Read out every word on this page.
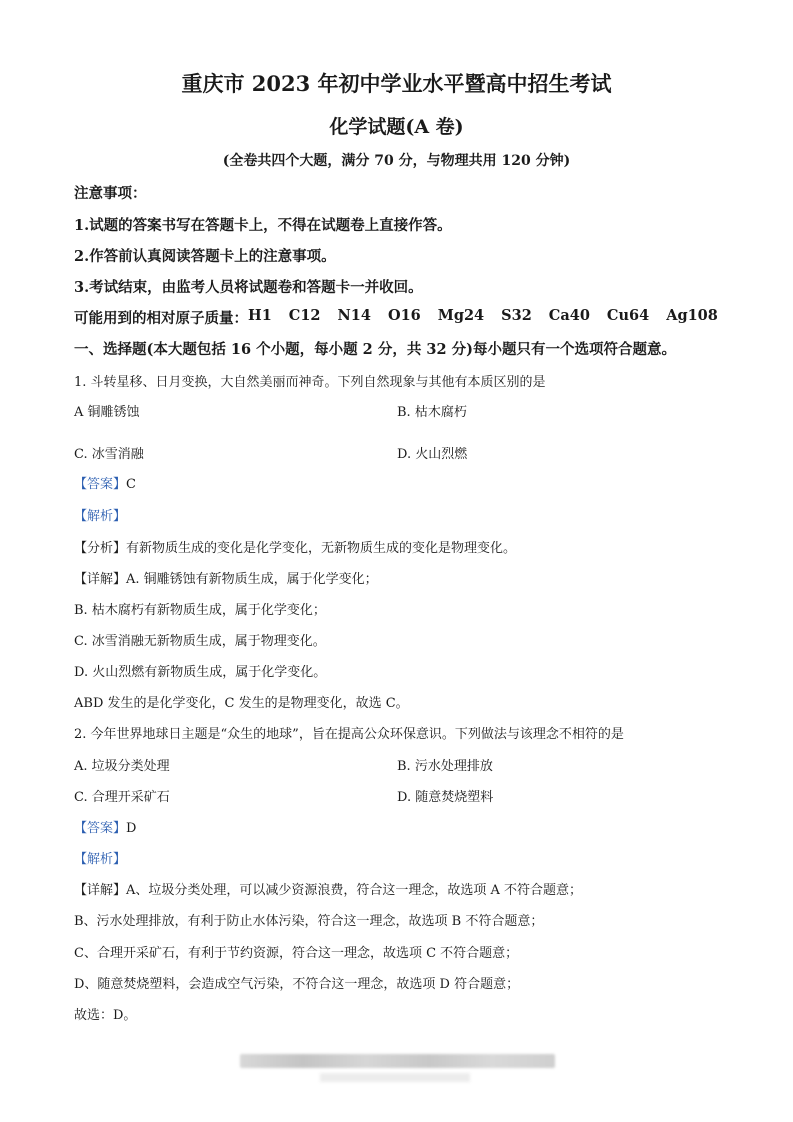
重庆市 2023 年初中学业水平暨高中招生考试
化学试题(A 卷)
(全卷共四个大题，满分 70 分，与物理共用 120 分钟)
注意事项：
1.试题的答案书写在答题卡上，不得在试题卷上直接作答。
2.作答前认真阅读答题卡上的注意事项。
3.考试结束，由监考人员将试题卷和答题卡一并收回。
可能用到的相对原子质量： H1 C12 N14 O16 Mg24 S32 Ca40 Cu64 Ag108
一、选择题(本大题包括 16 个小题，每小题 2 分，共 32 分)每小题只有一个选项符合题意。
1. 斗转星移、日月变换，大自然美丽而神奇。下列自然现象与其他有本质区别的是
A 铜雕锈蚀	B. 枯木腐朽
C. 冰雪消融	D. 火山烈燃
【答案】C
【解析】
【分析】有新物质生成的变化是化学变化，无新物质生成的变化是物理变化。
【详解】A. 铜雕锈蚀有新物质生成，属于化学变化；
B. 枯木腐朽有新物质生成，属于化学变化；
C. 冰雪消融无新物质生成，属于物理变化。
D. 火山烈燃有新物质生成，属于化学变化。
ABD 发生的是化学变化，C 发生的是物理变化，故选 C。
2. 今年世界地球日主题是“众生的地球”，旨在提高公众环保意识。下列做法与该理念不相符的是
A. 垃圾分类处理	B. 污水处理排放
C. 合理开采矿石	D. 随意焚烧塑料
【答案】D
【解析】
【详解】A、垃圾分类处理，可以减少资源浪费，符合这一理念，故选项 A 不符合题意；
B、污水处理排放，有利于防止水体污染，符合这一理念，故选项 B 不符合题意；
C、合理开采矿石，有利于节约资源，符合这一理念，故选项 C 不符合题意；
D、随意焚烧塑料，会造成空气污染，不符合这一理念，故选项 D 符合题意；
故选：D。
